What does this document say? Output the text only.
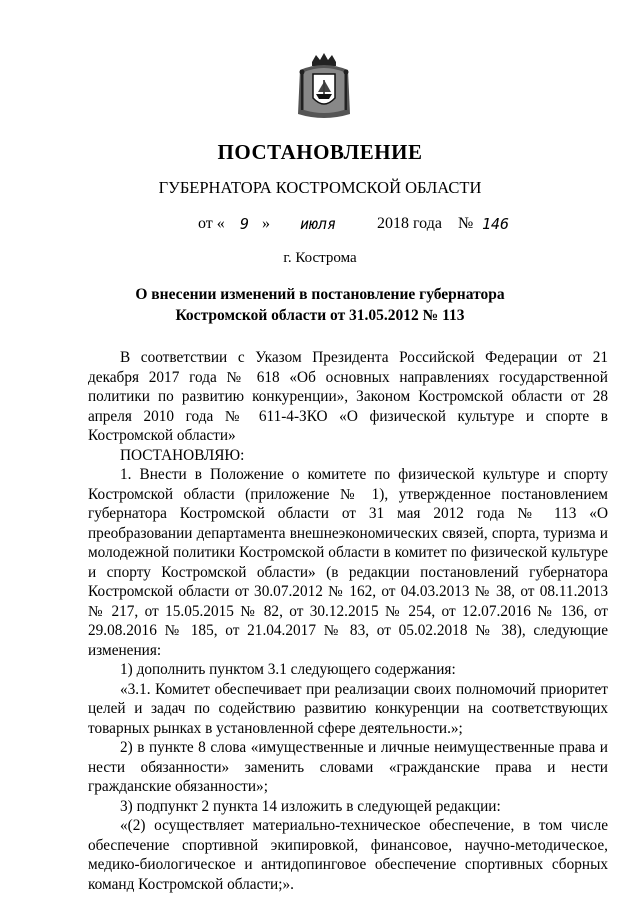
ПОСТАНОВЛЕНИЕ
ГУБЕРНАТОРА КОСТРОМСКОЙ ОБЛАСТИ
от « 9 » июля	2018 года № 146
г. Кострома
О внесении изменений в постановление губернатора
Костромской области от 31.05.2012 № 113

В соответствии с Указом Президента Российской Федерации от 21 декабря 2017 года № 618 «Об основных направлениях государственной политики по развитию конкуренции», Законом Костромской области от 28 апреля 2010 года № 611-4-ЗКО «О физической культуре и спорте в Костромской области»

ПОСТАНОВЛЯЮ:

1. Внести в Положение о комитете по физической культуре и спорту Костромской области (приложение № 1), утвержденное постановлением губернатора Костромской области от 31 мая 2012 года № 113 «О преобразовании департамента внешнеэкономических связей, спорта, туризма и молодежной политики Костромской области в комитет по физической культуре и спорту Костромской области» (в редакции постановлений губернатора Костромской области от 30.07.2012 № 162, от 04.03.2013 № 38, от 08.11.2013 № 217, от 15.05.2015 № 82, от 30.12.2015 № 254, от 12.07.2016 № 136, от 29.08.2016 № 185, от 21.04.2017 № 83, от 05.02.2018 № 38), следующие изменения:

1) дополнить пунктом 3.1 следующего содержания:

«3.1. Комитет обеспечивает при реализации своих полномочий приоритет целей и задач по содействию развитию конкуренции на соответствующих товарных рынках в установленной сфере деятельности.»;

2) в пункте 8 слова «имущественные и личные неимущественные права и нести обязанности» заменить словами «гражданские права и нести гражданские обязанности»;

3) подпункт 2 пункта 14 изложить в следующей редакции:

«(2) осуществляет материально-техническое обеспечение, в том числе обеспечение спортивной экипировкой, финансовое, научно-методическое, медико-биологическое и антидопинговое обеспечение спортивных сборных команд Костромской области;».
